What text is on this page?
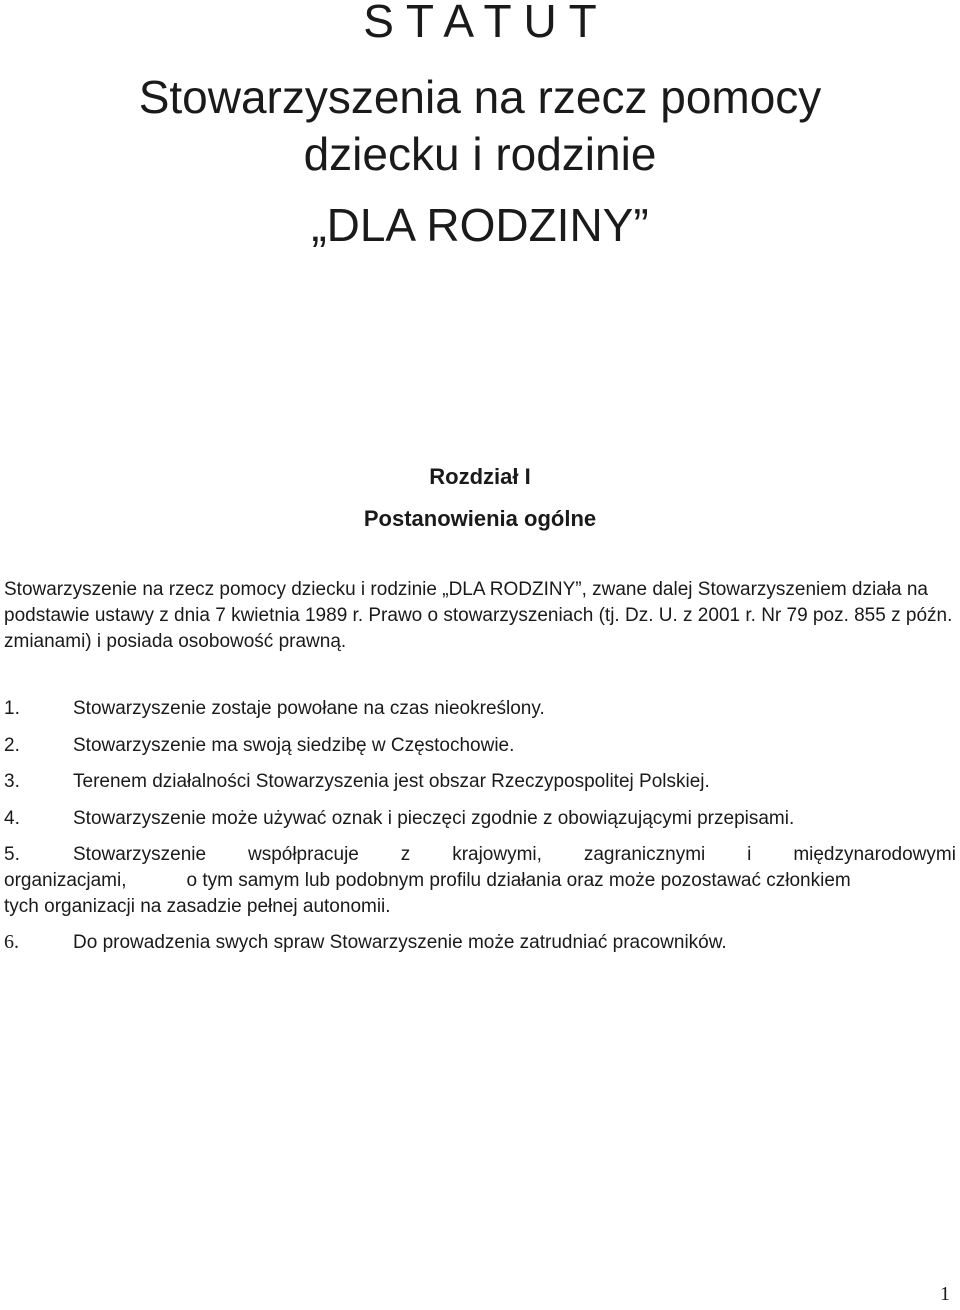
S T A T U T
Stowarzyszenia na rzecz pomocy
dziecku i rodzinie
„DLA RODZINY”
Rozdział I
Postanowienia ogólne
Stowarzyszenie na rzecz pomocy dziecku i rodzinie „DLA RODZINY”, zwane dalej Stowarzyszeniem działa na podstawie ustawy z dnia 7 kwietnia 1989 r. Prawo o stowarzyszeniach (tj. Dz. U. z 2001 r. Nr 79 poz. 855 z późn. zmianami) i posiada osobowość prawną.
1.	Stowarzyszenie zostaje powołane na czas nieokreślony.
2.	Stowarzyszenie ma swoją siedzibę w Częstochowie.
3.	Terenem działalności Stowarzyszenia jest obszar Rzeczypospolitej Polskiej.
4.	Stowarzyszenie może używać oznak i pieczęci zgodnie z obowiązującymi przepisami.
5.	Stowarzyszenie współpracuje z krajowymi, zagranicznymi i międzynarodowymi
organizacjami,	o tym samym lub podobnym profilu działania oraz może pozostawać członkiem
tych organizacji na zasadzie pełnej autonomii.
6.	Do prowadzenia swych spraw Stowarzyszenie może zatrudniać pracowników.
1
